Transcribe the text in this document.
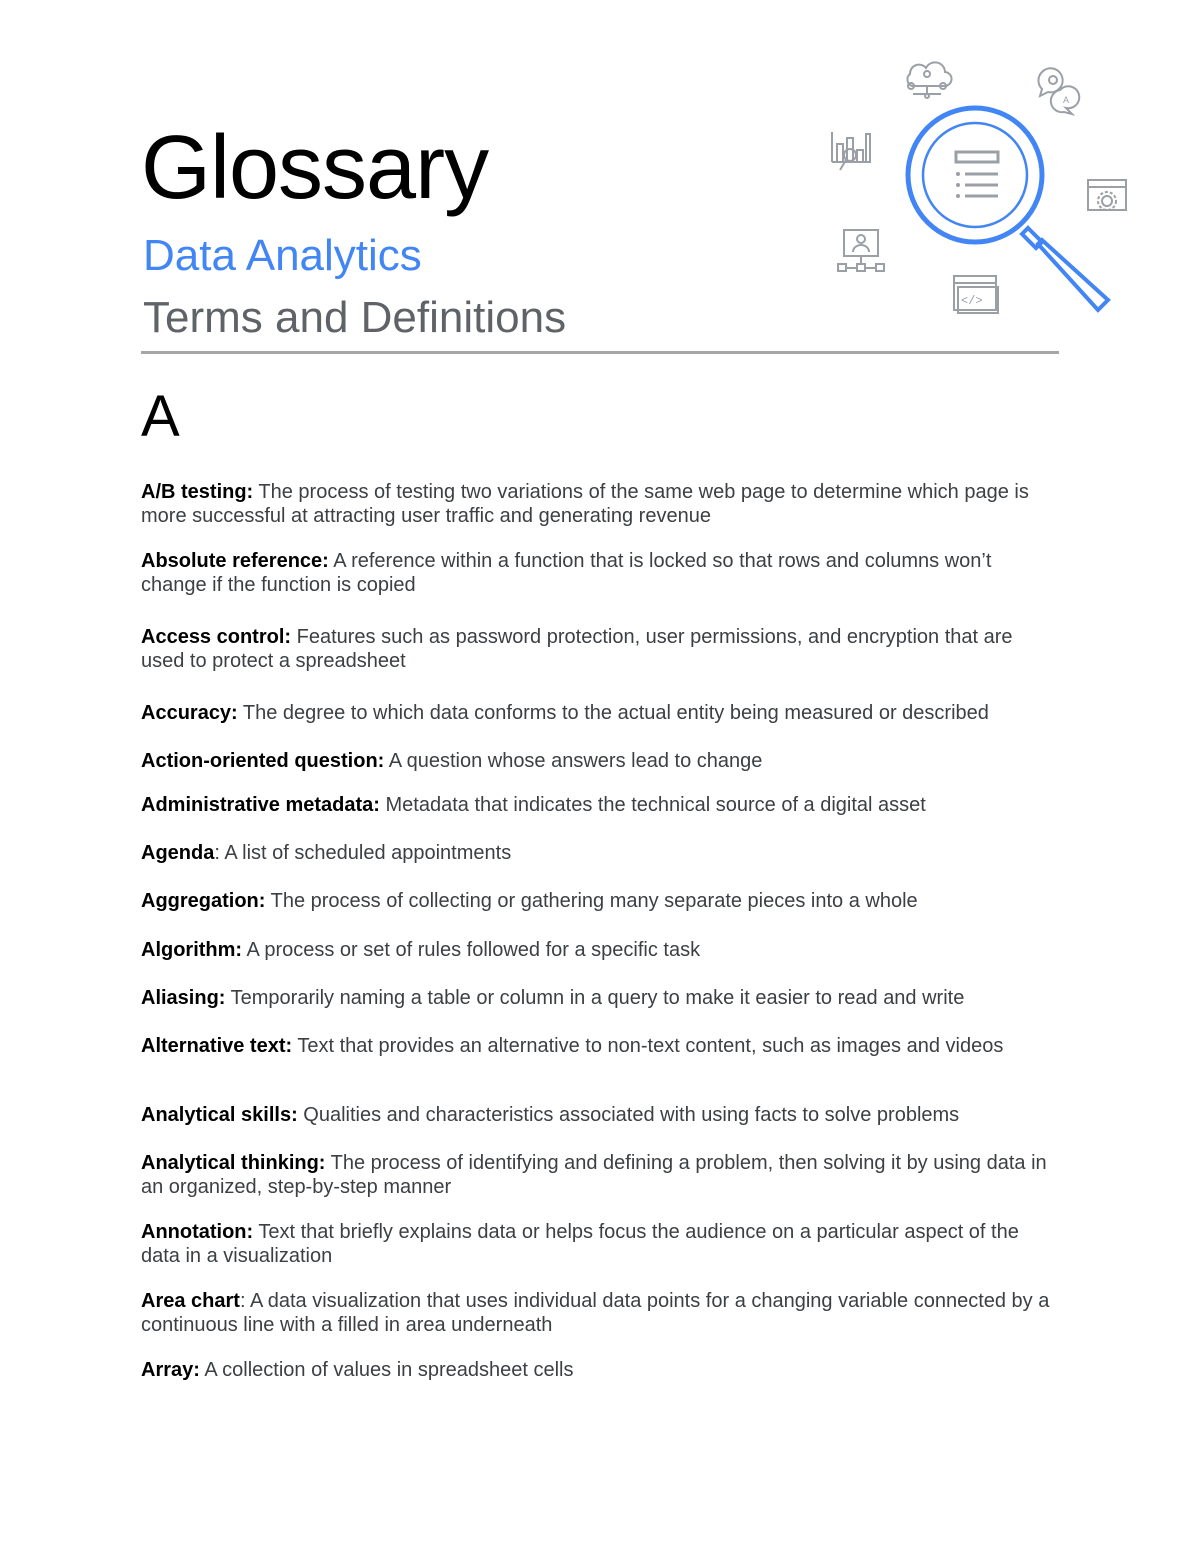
Glossary
Data Analytics
Terms and Definitions
A
</>
A
A/B testing: The process of testing two variations of the same web page to determine which page is more successful at attracting user traffic and generating revenue
Absolute reference: A reference within a function that is locked so that rows and columns won’t change if the function is copied
Access control: Features such as password protection, user permissions, and encryption that are used to protect a spreadsheet
Accuracy: The degree to which data conforms to the actual entity being measured or described
Action-oriented question: A question whose answers lead to change
Administrative metadata: Metadata that indicates the technical source of a digital asset
Agenda: A list of scheduled appointments
Aggregation: The process of collecting or gathering many separate pieces into a whole
Algorithm: A process or set of rules followed for a specific task
Aliasing: Temporarily naming a table or column in a query to make it easier to read and write
Alternative text: Text that provides an alternative to non-text content, such as images and videos
Analytical skills: Qualities and characteristics associated with using facts to solve problems
Analytical thinking: The process of identifying and defining a problem, then solving it by using data in an organized, step-by-step manner
Annotation: Text that briefly explains data or helps focus the audience on a particular aspect of the data in a visualization
Area chart: A data visualization that uses individual data points for a changing variable connected by a continuous line with a filled in area underneath
Array: A collection of values in spreadsheet cells
